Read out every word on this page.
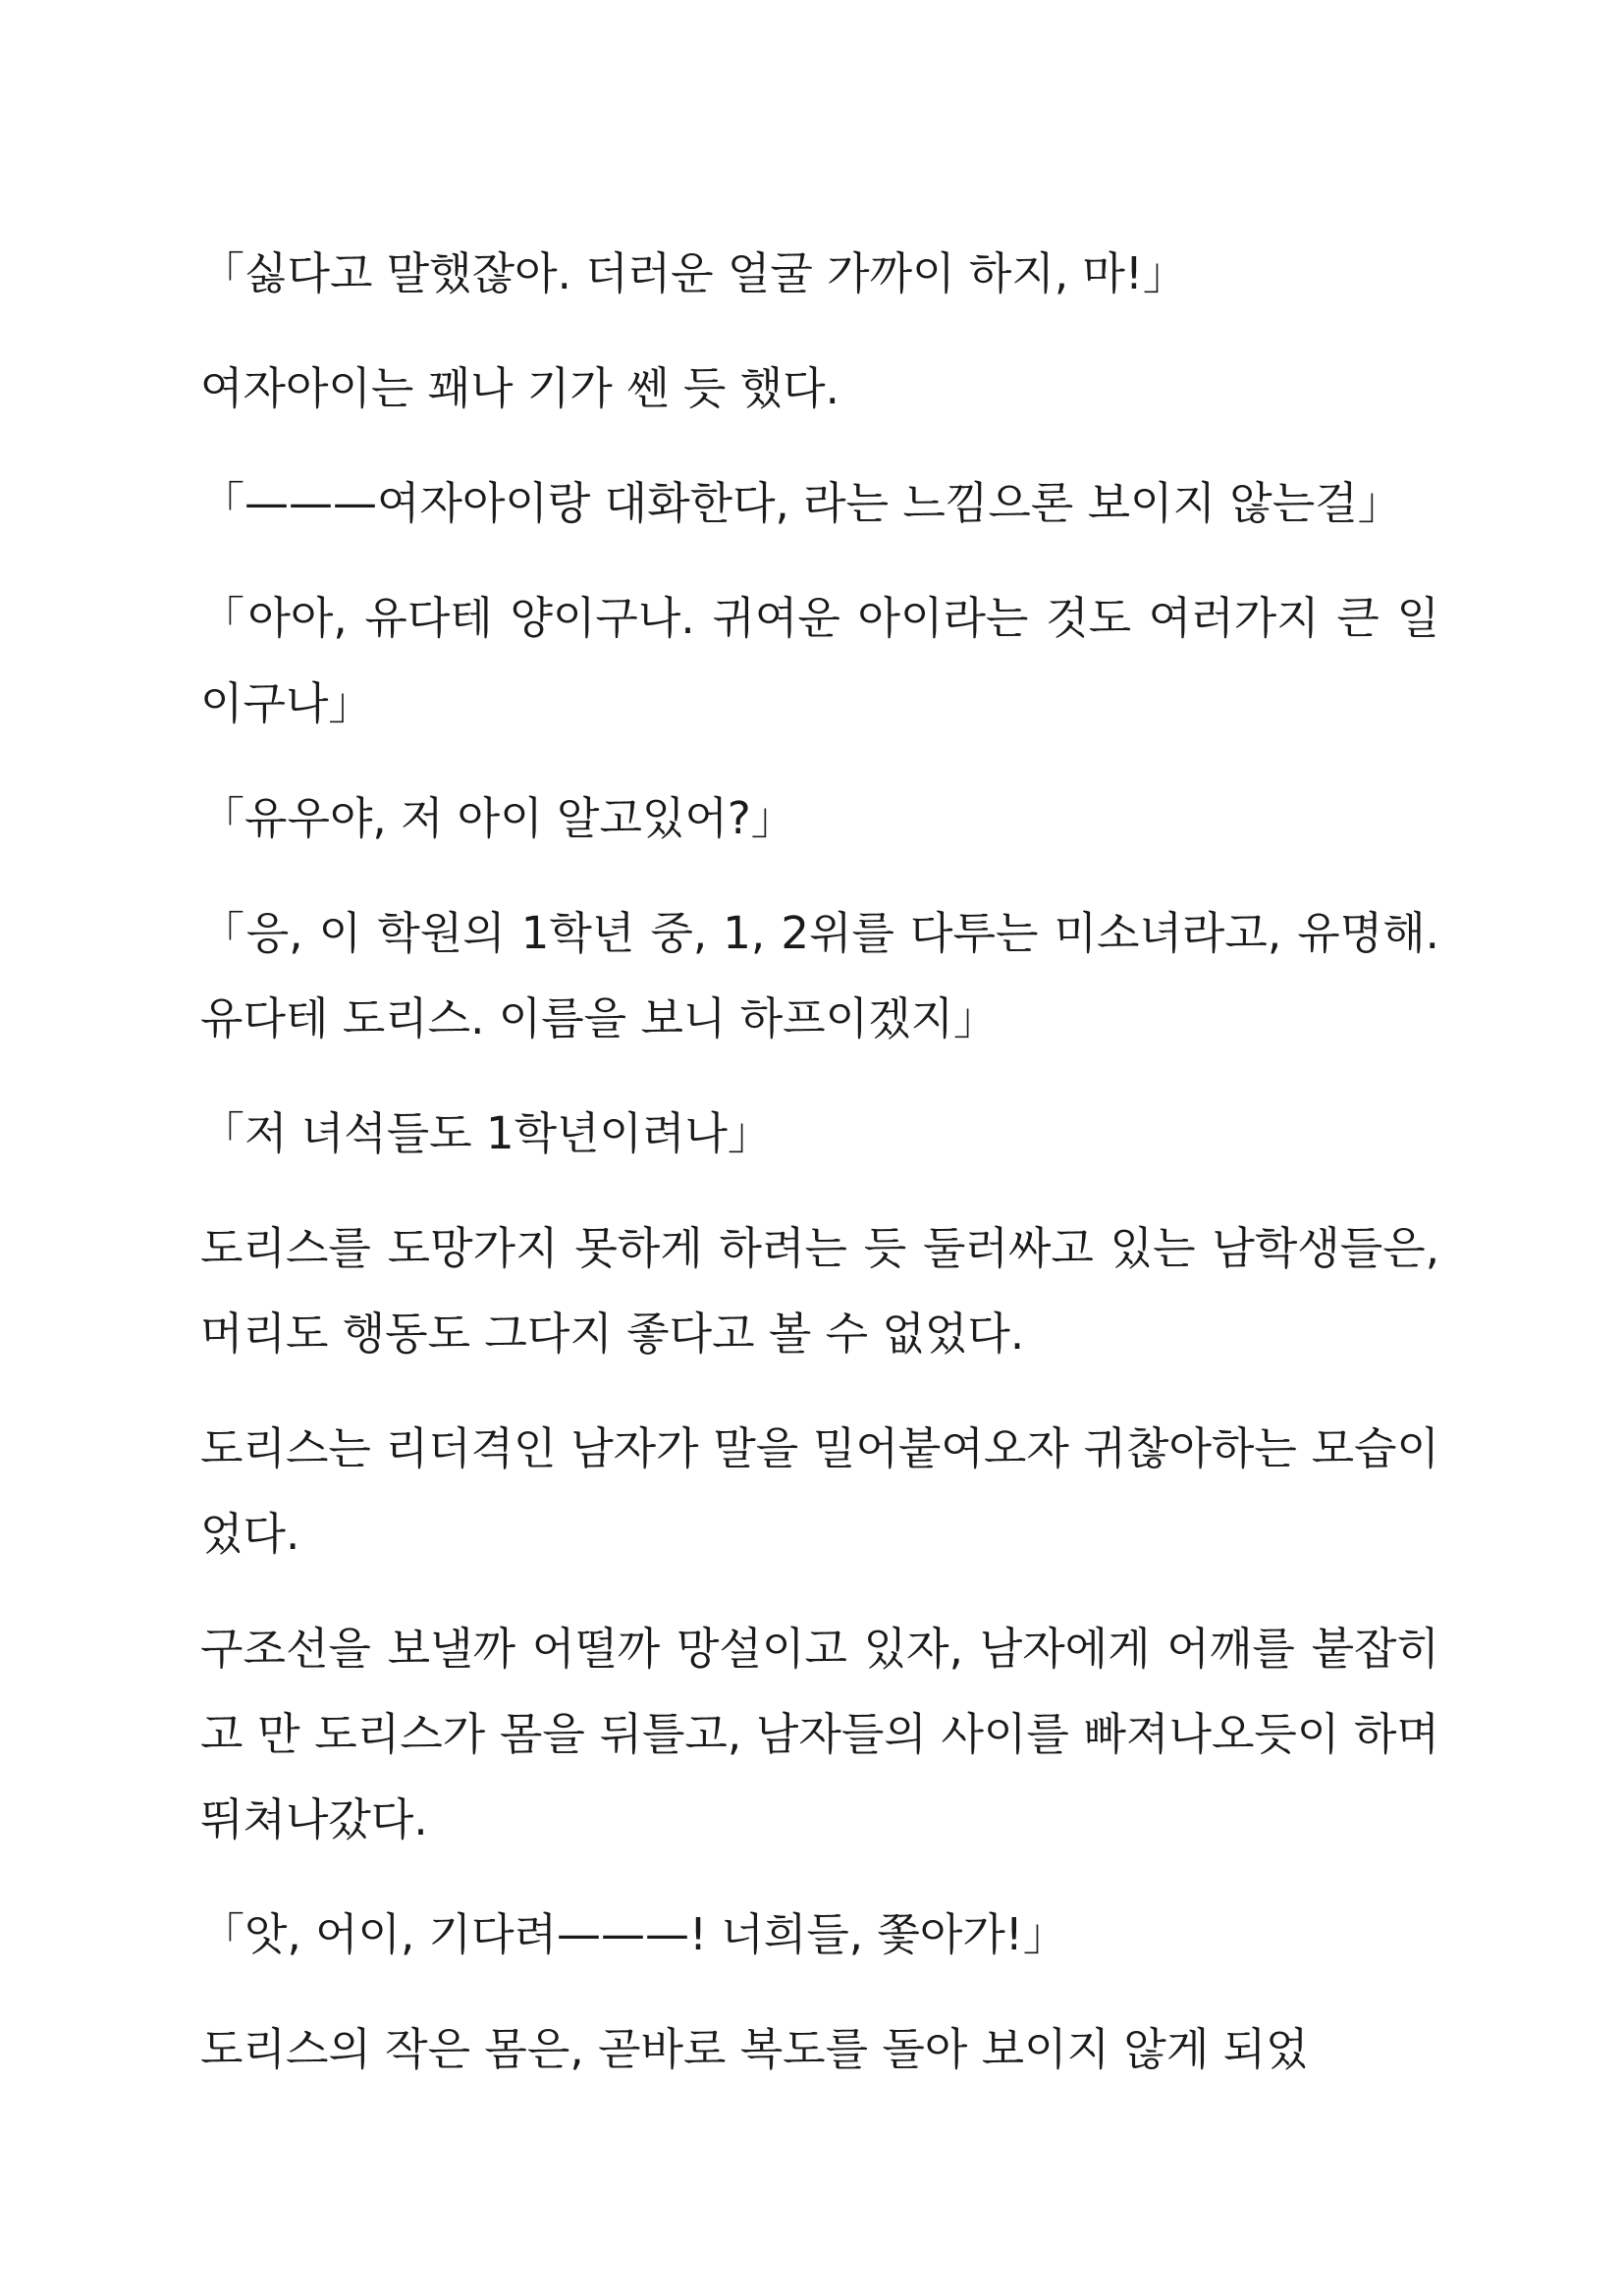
「싫다고 말했잖아. 더러운 얼굴 가까이 하지, 마!」

여자아이는 꽤나 기가 쎈 듯 했다.

「———여자아이랑 대화한다, 라는 느낌으론 보이지 않는걸」

「아아, 유다테 양이구나. 귀여운 아이라는 것도 여러가지 큰 일이구나」

「유우야, 저 아이 알고있어?」

「응, 이 학원의 1학년 중, 1, 2위를 다투는 미소녀라고, 유명해. 유다테 도리스. 이름을 보니 하프이겠지」

「저 녀석들도 1학년이려나」

도리스를 도망가지 못하게 하려는 듯 둘러싸고 있는 남학생들은, 머리도 행동도 그다지 좋다고 볼 수 없었다.

도리스는 리더격인 남자가 말을 밀어붙여오자 귀찮아하는 모습이었다.

구조선을 보낼까 어떨까 망설이고 있자, 남자에게 어깨를 붙잡히고 만 도리스가 몸을 뒤틀고, 남자들의 사이를 빠져나오듯이 하며 뛰쳐나갔다.

「앗, 어이, 기다려———! 너희들, 쫓아가!」

도리스의 작은 몸은, 곧바로 복도를 돌아 보이지 않게 되었
